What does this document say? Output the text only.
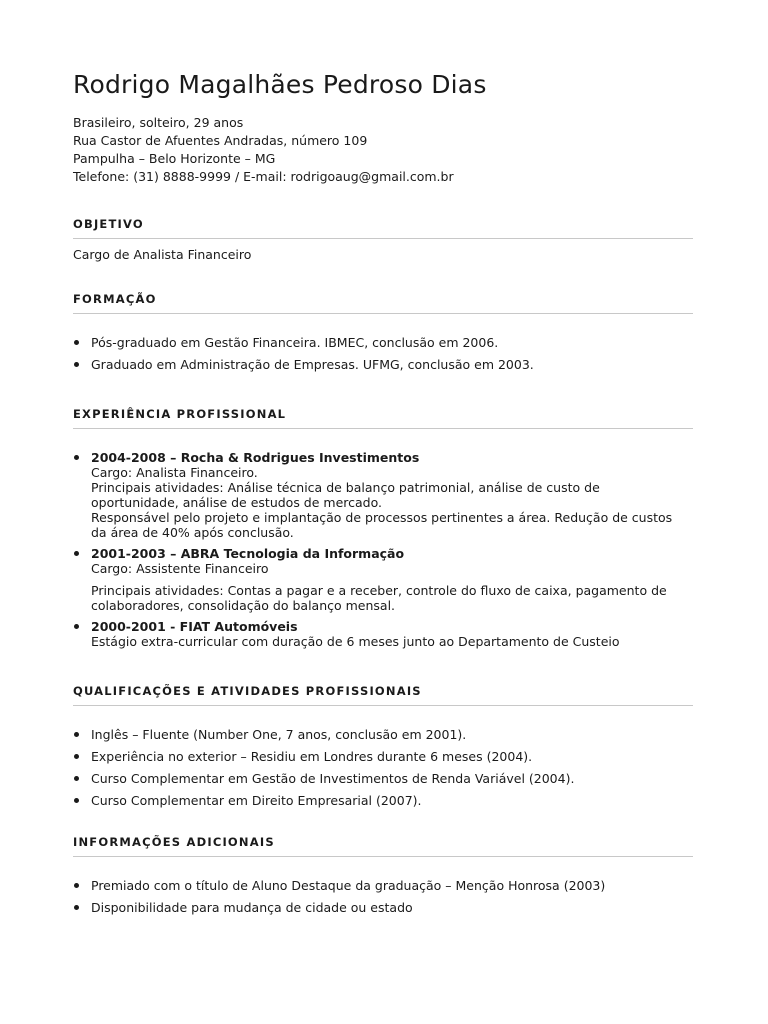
Rodrigo Magalhães Pedroso Dias
Brasileiro, solteiro, 29 anos
Rua Castor de Afuentes Andradas, número 109
Pampulha – Belo Horizonte – MG
Telefone: (31) 8888-9999 / E-mail: rodrigoaug@gmail.com.br
OBJETIVO
Cargo de Analista Financeiro
FORMAÇÃO
Pós-graduado em Gestão Financeira. IBMEC, conclusão em 2006.
Graduado em Administração de Empresas. UFMG, conclusão em 2003.
EXPERIÊNCIA PROFISSIONAL
2004-2008 – Rocha & Rodrigues Investimentos
Cargo: Analista Financeiro.
Principais atividades: Análise técnica de balanço patrimonial, análise de custo de
oportunidade, análise de estudos de mercado.
Responsável pelo projeto e implantação de processos pertinentes a área. Redução de custos
da área de 40% após conclusão.
2001-2003 – ABRA Tecnologia da Informação
Cargo: Assistente Financeiro
Principais atividades: Contas a pagar e a receber, controle do fluxo de caixa, pagamento de
colaboradores, consolidação do balanço mensal.
2000-2001 - FIAT Automóveis
Estágio extra-curricular com duração de 6 meses junto ao Departamento de Custeio
QUALIFICAÇÕES E ATIVIDADES PROFISSIONAIS
Inglês – Fluente (Number One, 7 anos, conclusão em 2001).
Experiência no exterior – Residiu em Londres durante 6 meses (2004).
Curso Complementar em Gestão de Investimentos de Renda Variável (2004).
Curso Complementar em Direito Empresarial (2007).
INFORMAÇÕES ADICIONAIS
Premiado com o título de Aluno Destaque da graduação – Menção Honrosa (2003)
Disponibilidade para mudança de cidade ou estado
